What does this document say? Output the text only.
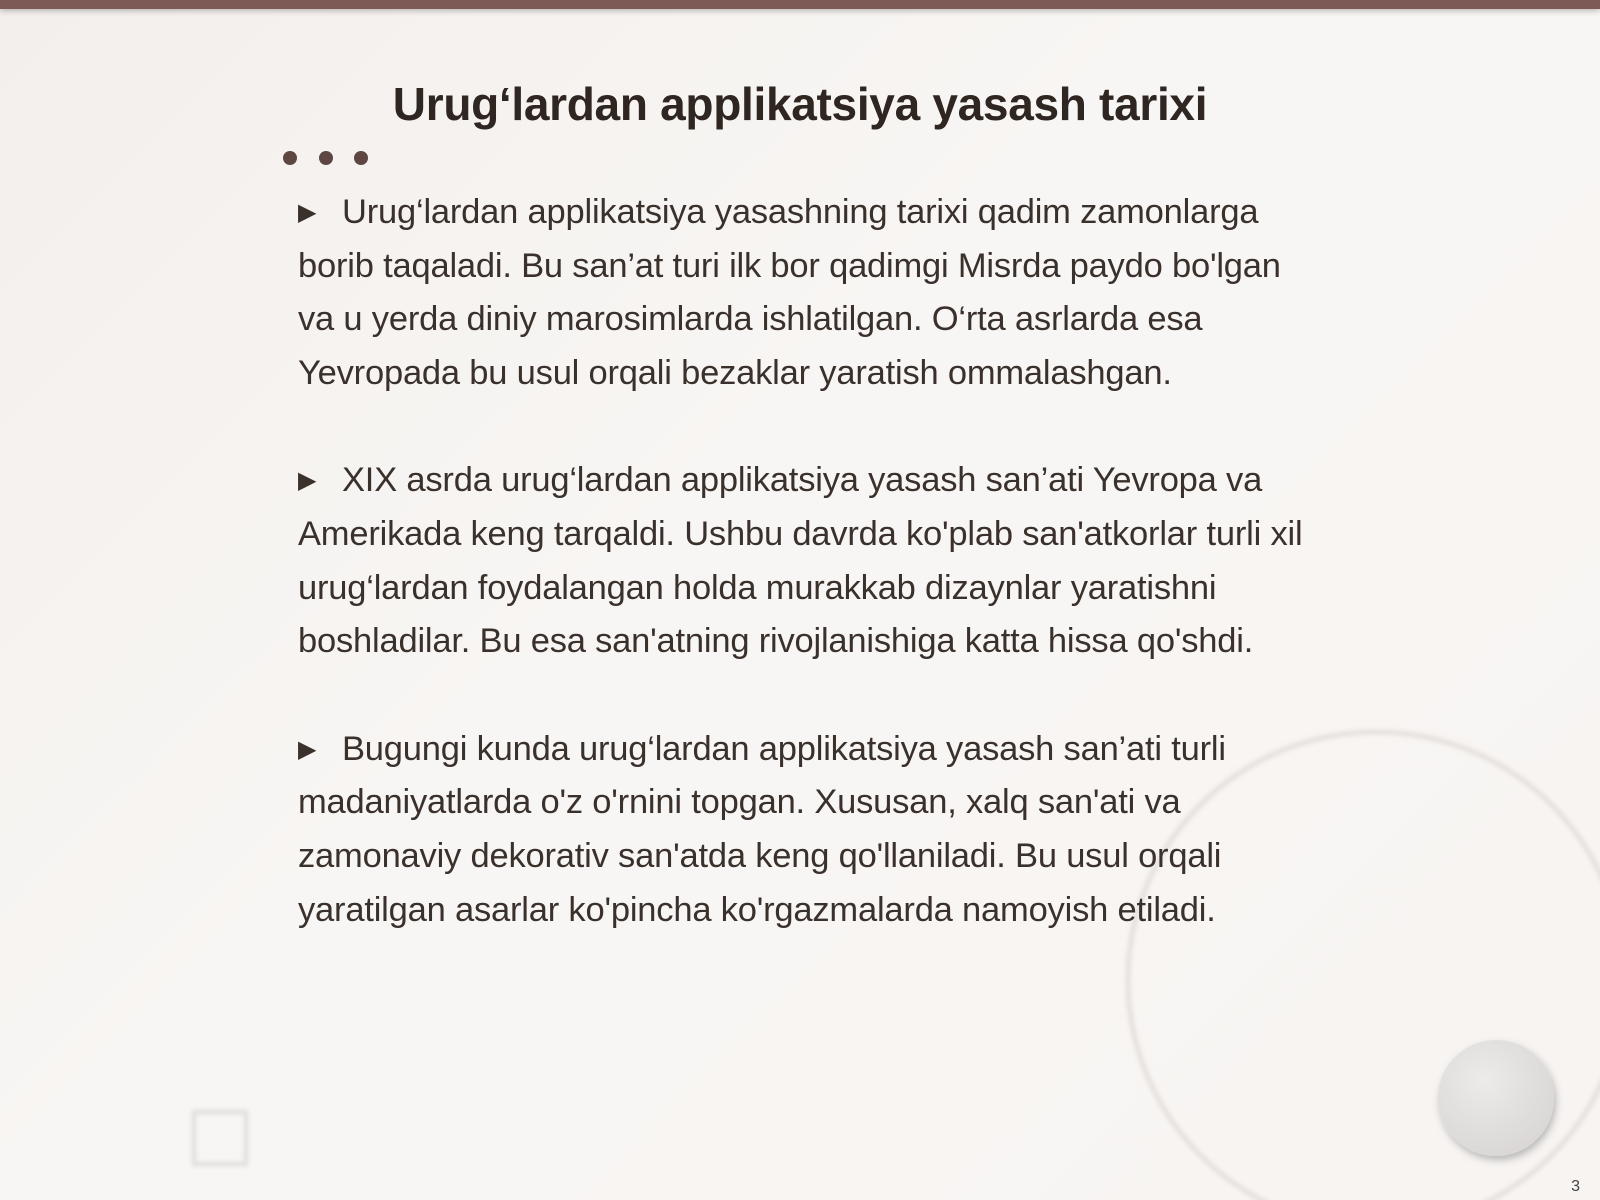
Urug‘lardan applikatsiya yasash tarixi

▶ Urug‘lardan applikatsiya yasashning tarixi qadim zamonlarga borib taqaladi. Bu san’at turi ilk bor qadimgi Misrda paydo bo'lgan va u yerda diniy marosimlarda ishlatilgan. O‘rta asrlarda esa Yevropada bu usul orqali bezaklar yaratish ommalashgan.

▶ XIX asrda urug‘lardan applikatsiya yasash san’ati Yevropa va Amerikada keng tarqaldi. Ushbu davrda ko'plab san'atkorlar turli xil urug‘lardan foydalangan holda murakkab dizaynlar yaratishni boshladilar. Bu esa san'atning rivojlanishiga katta hissa qo'shdi.

▶ Bugungi kunda urug‘lardan applikatsiya yasash san’ati turli madaniyatlarda o'z o'rnini topgan. Xususan, xalq san'ati va zamonaviy dekorativ san'atda keng qo'llaniladi. Bu usul orqali yaratilgan asarlar ko'pincha ko'rgazmalarda namoyish etiladi.

3
